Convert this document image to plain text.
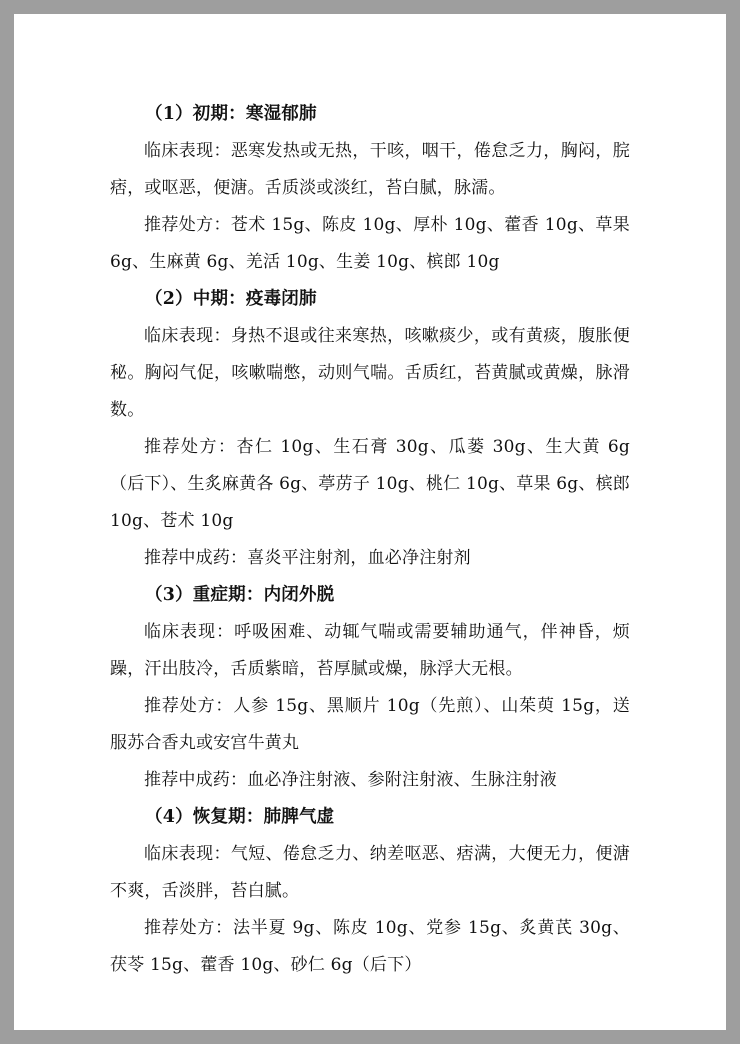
（1）初期：寒湿郁肺

临床表现：恶寒发热或无热，干咳，咽干，倦怠乏力，胸闷，脘痞，或呕恶，便溏。舌质淡或淡红，苔白腻，脉濡。

推荐处方：苍术 15g、陈皮 10g、厚朴 10g、藿香 10g、草果 6g、生麻黄 6g、羌活 10g、生姜 10g、槟郎 10g

（2）中期：疫毒闭肺

临床表现：身热不退或往来寒热，咳嗽痰少，或有黄痰，腹胀便秘。胸闷气促，咳嗽喘憋，动则气喘。舌质红，苔黄腻或黄燥，脉滑数。

推荐处方：杏仁 10g、生石膏 30g、瓜蒌 30g、生大黄 6g（后下）、生炙麻黄各 6g、葶苈子 10g、桃仁 10g、草果 6g、槟郎 10g、苍术 10g

推荐中成药：喜炎平注射剂，血必净注射剂

（3）重症期：内闭外脱

临床表现：呼吸困难、动辄气喘或需要辅助通气，伴神昏，烦躁，汗出肢冷，舌质紫暗，苔厚腻或燥，脉浮大无根。

推荐处方：人参 15g、黑顺片 10g（先煎）、山茱萸 15g，送服苏合香丸或安宫牛黄丸

推荐中成药：血必净注射液、参附注射液、生脉注射液

（4）恢复期：肺脾气虚

临床表现：气短、倦怠乏力、纳差呕恶、痞满，大便无力，便溏不爽，舌淡胖，苔白腻。

推荐处方：法半夏 9g、陈皮 10g、党参 15g、炙黄芪 30g、茯苓 15g、藿香 10g、砂仁 6g（后下）
